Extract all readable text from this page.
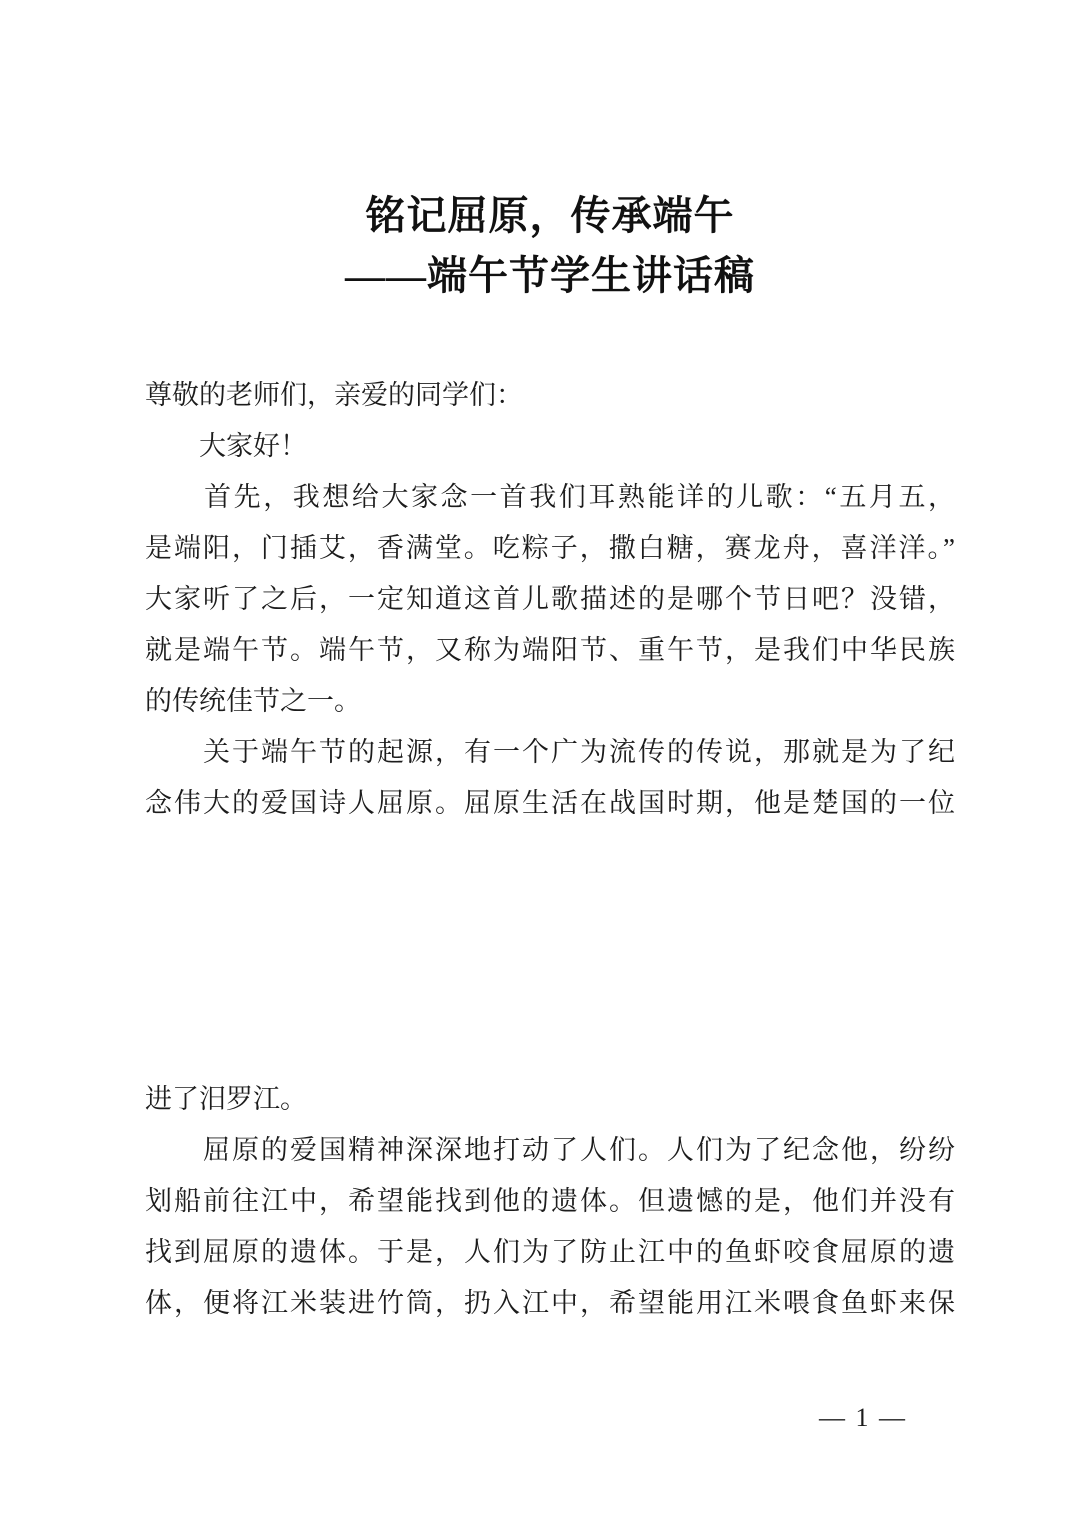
铭记屈原，传承端午
——端午节学生讲话稿
尊敬的老师们，亲爱的同学们：
　　大家好！
　　首先，我想给大家念一首我们耳熟能详的儿歌：“五月五，
是端阳，门插艾，香满堂。吃粽子，撒白糖，赛龙舟，喜洋洋。”
大家听了之后，一定知道这首儿歌描述的是哪个节日吧？没错，
就是端午节。端午节，又称为端阳节、重午节，是我们中华民族
的传统佳节之一。
　　关于端午节的起源，有一个广为流传的传说，那就是为了纪
念伟大的爱国诗人屈原。屈原生活在战国时期，他是楚国的一位
进了汨罗江。
　　屈原的爱国精神深深地打动了人们。人们为了纪念他，纷纷
划船前往江中，希望能找到他的遗体。但遗憾的是，他们并没有
找到屈原的遗体。于是，人们为了防止江中的鱼虾咬食屈原的遗
体，便将江米装进竹筒，扔入江中，希望能用江米喂食鱼虾来保
— 1 —
